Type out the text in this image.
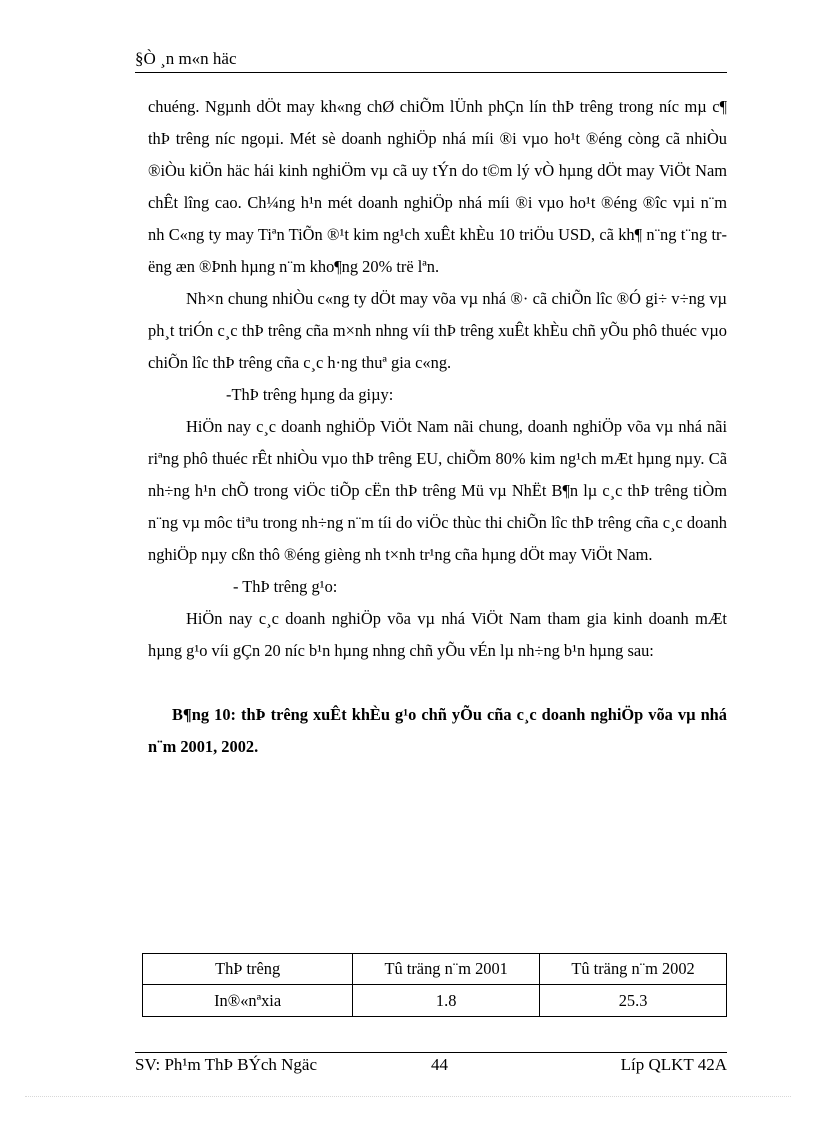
§Ò ¸n m«n häc

chuéng. Ngµnh dÖt may kh«ng chØ chiÕm lÜnh phÇn lín thÞ trêng trong níc mµ c¶ thÞ trêng níc ngoµi. Mét sè doanh nghiÖp nhá míi ®i vµo ho¹t ®éng còng cã nhiÒu ®iÒu kiÖn häc hái kinh nghiÖm vµ cã uy tÝn do t©m lý vÒ hµng dÖt may ViÖt Nam chÊt lîng cao. Ch¼ng h¹n mét doanh nghiÖp nhá míi ®i vµo ho¹t ®éng ®îc vµi n¨m nh C«ng ty may Tiªn TiÕn ®¹t kim ng¹ch xuÊt khÈu 10 triÖu USD, cã kh¶ n¨ng t¨ng trëng æn ®Þnh hµng n¨m kho¶ng 20% trë lªn.

Nh×n chung nhiÒu c«ng ty dÖt may võa vµ nhá ®· cã chiÕn lîc ®Ó gi÷ v÷ng vµ ph¸t triÓn c¸c thÞ trêng cña m×nh nhng víi thÞ trêng xuÊt khÈu chñ yÕu phô thuéc vµo chiÕn lîc thÞ trêng cña c¸c h·ng thuª gia c«ng.

-ThÞ trêng hµng da giµy:

HiÖn nay c¸c doanh nghiÖp ViÖt Nam nãi chung, doanh nghiÖp võa vµ nhá nãi riªng phô thuéc rÊt nhiÒu vµo thÞ trêng EU, chiÕm 80% kim ng¹ch mÆt hµng nµy. Cã nh÷ng h¹n chÕ trong viÖc tiÕp cËn thÞ trêng Mü vµ NhËt B¶n lµ c¸c thÞ trêng tiÒm n¨ng vµ môc tiªu trong nh÷ng n¨m tíi do viÖc thùc thi chiÕn lîc thÞ trêng cña c¸c doanh nghiÖp nµy cßn thô ®éng gièng nh t×nh tr¹ng cña hµng dÖt may ViÖt Nam.

- ThÞ trêng g¹o:

HiÖn nay c¸c doanh nghiÖp võa vµ nhá ViÖt Nam tham gia kinh doanh mÆt hµng g¹o víi gÇn 20 níc b¹n hµng nhng chñ yÕu vÉn lµ nh÷ng b¹n hµng sau:

B¶ng 10: thÞ trêng xuÊt khÈu g¹o chñ yÕu cña c¸c doanh nghiÖp võa vµ nhá n¨m 2001, 2002.

ThÞ trêng	Tû träng n¨m 2001	Tû träng n¨m 2002
In®«nªxia	1.8	25.3
SV: Ph¹m ThÞ BÝch Ngäc	44	Líp QLKT 42A
